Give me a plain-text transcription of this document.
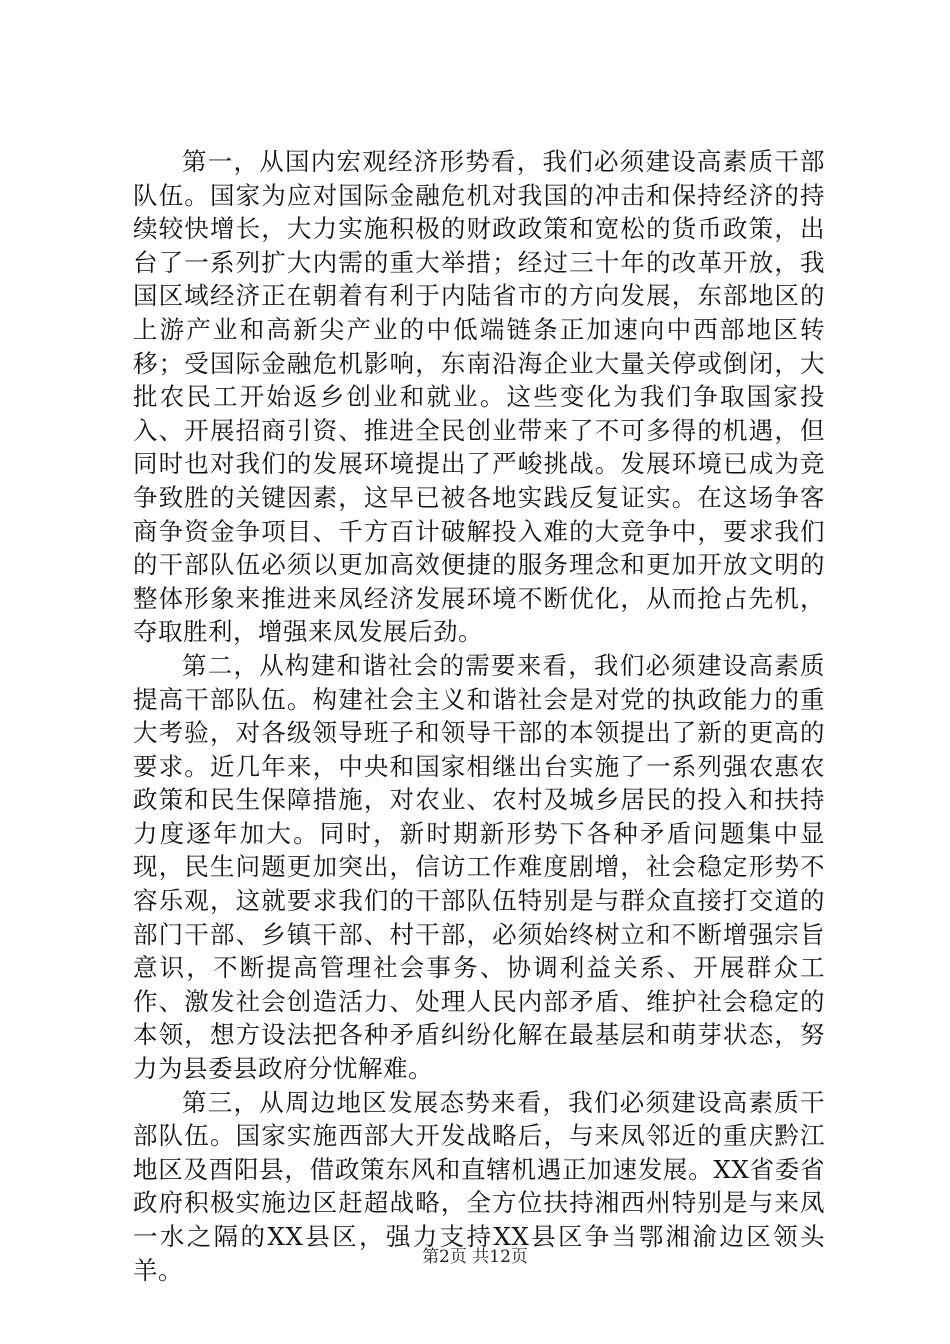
第一，从国内宏观经济形势看，我们必须建设高素质干部队伍。国家为应对国际金融危机对我国的冲击和保持经济的持续较快增长，大力实施积极的财政政策和宽松的货币政策，出台了一系列扩大内需的重大举措；经过三十年的改革开放，我国区域经济正在朝着有利于内陆省市的方向发展，东部地区的上游产业和高新尖产业的中低端链条正加速向中西部地区转移；受国际金融危机影响，东南沿海企业大量关停或倒闭，大批农民工开始返乡创业和就业。这些变化为我们争取国家投入、开展招商引资、推进全民创业带来了不可多得的机遇，但同时也对我们的发展环境提出了严峻挑战。发展环境已成为竞争致胜的关键因素，这早已被各地实践反复证实。在这场争客商争资金争项目、千方百计破解投入难的大竞争中，要求我们的干部队伍必须以更加高效便捷的服务理念和更加开放文明的整体形象来推进来凤经济发展环境不断优化，从而抢占先机，夺取胜利，增强来凤发展后劲。

第二，从构建和谐社会的需要来看，我们必须建设高素质提高干部队伍。构建社会主义和谐社会是对党的执政能力的重大考验，对各级领导班子和领导干部的本领提出了新的更高的要求。近几年来，中央和国家相继出台实施了一系列强农惠农政策和民生保障措施，对农业、农村及城乡居民的投入和扶持力度逐年加大。同时，新时期新形势下各种矛盾问题集中显现，民生问题更加突出，信访工作难度剧增，社会稳定形势不容乐观，这就要求我们的干部队伍特别是与群众直接打交道的部门干部、乡镇干部、村干部，必须始终树立和不断增强宗旨意识，不断提高管理社会事务、协调利益关系、开展群众工作、激发社会创造活力、处理人民内部矛盾、维护社会稳定的本领，想方设法把各种矛盾纠纷化解在最基层和萌芽状态，努力为县委县政府分忧解难。

第三，从周边地区发展态势来看，我们必须建设高素质干部队伍。国家实施西部大开发战略后，与来凤邻近的重庆黔江地区及酉阳县，借政策东风和直辖机遇正加速发展。XX省委省政府积极实施边区赶超战略，全方位扶持湘西州特别是与来凤一水之隔的XX县区，强力支持XX县区争当鄂湘渝边区领头羊。	第2页 共12页
